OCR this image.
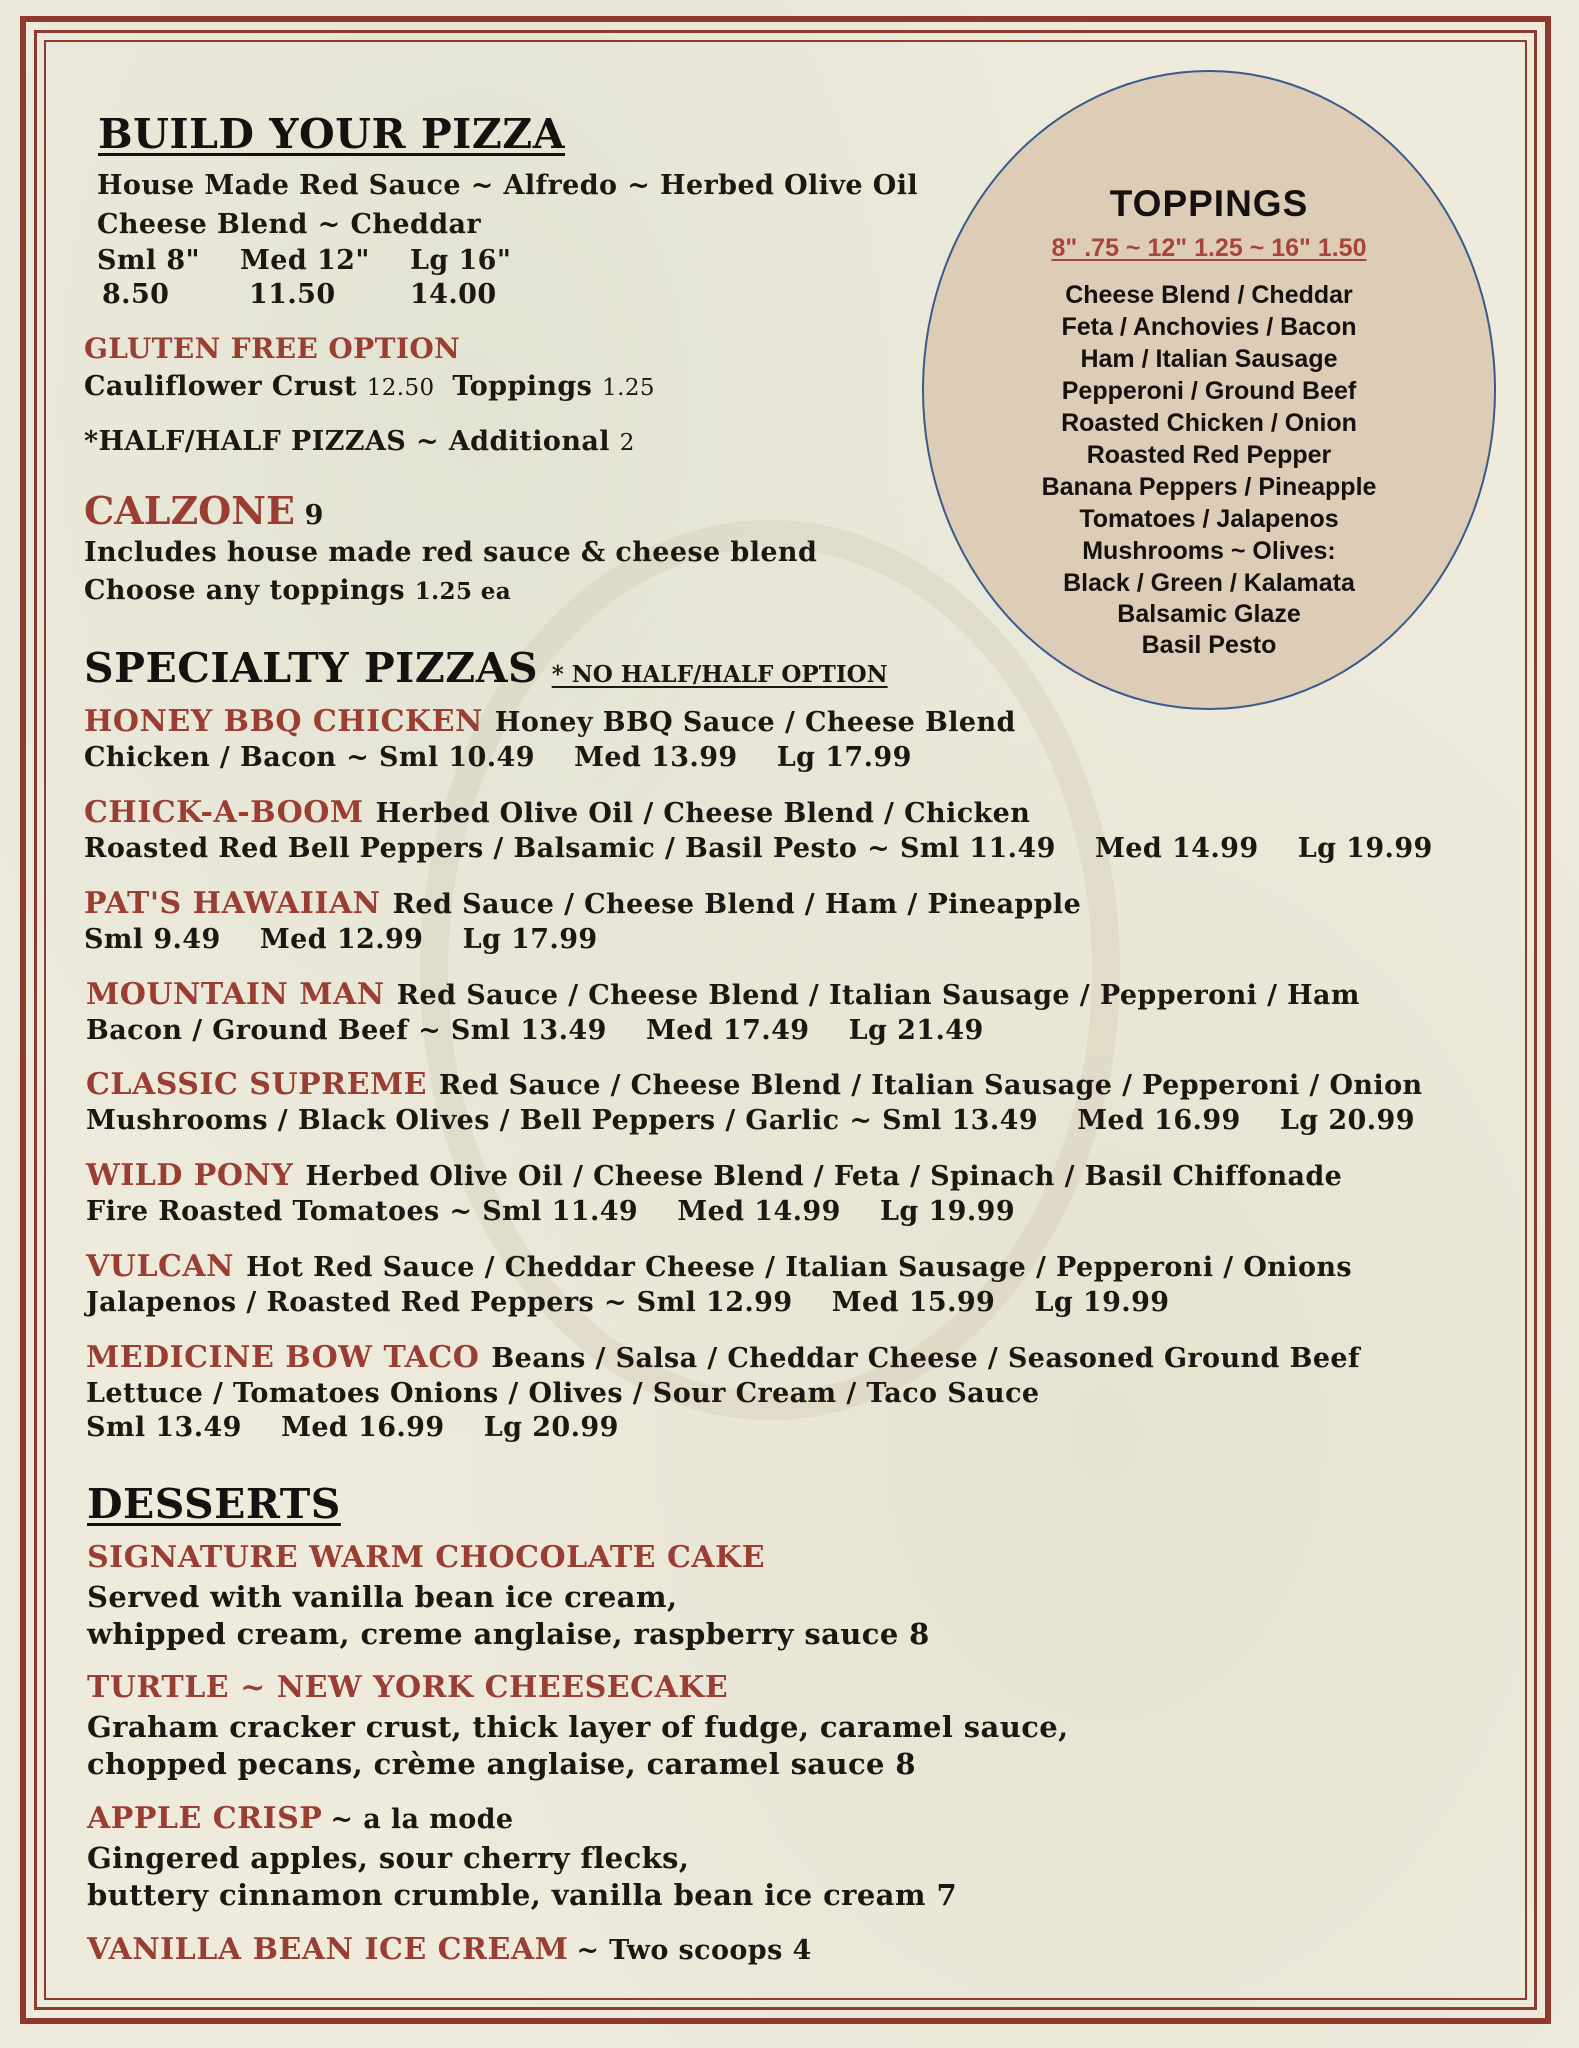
TOPPINGS
8" .75 ~ 12" 1.25 ~ 16" 1.50
Cheese Blend / Cheddar
Feta / Anchovies / Bacon
Ham / Italian Sausage
Pepperoni / Ground Beef
Roasted Chicken / Onion
Roasted Red Pepper
Banana Peppers / Pineapple
Tomatoes / Jalapenos
Mushrooms ~ Olives:
Black / Green / Kalamata
Balsamic Glaze
Basil Pesto
BUILD YOUR PIZZA
House Made Red Sauce ~ Alfredo ~ Herbed Olive Oil
Cheese Blend ~ Cheddar
Sml 8" Med 12" Lg 16"
8.50	11.50	14.00
GLUTEN FREE OPTION
Cauliflower Crust 12.50 Toppings 1.25
*HALF/HALF PIZZAS ~ Additional 2
CALZONE 9
Includes house made red sauce & cheese blend
Choose any toppings 1.25 ea
SPECIALTY PIZZAS * NO HALF/HALF OPTION
HONEY BBQ CHICKEN Honey BBQ Sauce / Cheese Blend
Chicken / Bacon ~ Sml 10.49    Med 13.99    Lg 17.99
CHICK-A-BOOM Herbed Olive Oil / Cheese Blend / Chicken
Roasted Red Bell Peppers / Balsamic / Basil Pesto ~ Sml 11.49    Med 14.99    Lg 19.99
PAT'S HAWAIIAN Red Sauce / Cheese Blend / Ham / Pineapple
Sml 9.49    Med 12.99    Lg 17.99
MOUNTAIN MAN Red Sauce / Cheese Blend / Italian Sausage / Pepperoni / Ham
Bacon / Ground Beef ~ Sml 13.49    Med 17.49    Lg 21.49
CLASSIC SUPREME Red Sauce / Cheese Blend / Italian Sausage / Pepperoni / Onion
Mushrooms / Black Olives / Bell Peppers / Garlic ~ Sml 13.49    Med 16.99    Lg 20.99
WILD PONY Herbed Olive Oil / Cheese Blend / Feta / Spinach / Basil Chiffonade
Fire Roasted Tomatoes ~ Sml 11.49    Med 14.99    Lg 19.99
VULCAN Hot Red Sauce / Cheddar Cheese / Italian Sausage / Pepperoni / Onions
Jalapenos / Roasted Red Peppers ~ Sml 12.99    Med 15.99    Lg 19.99
MEDICINE BOW TACO Beans / Salsa / Cheddar Cheese / Seasoned Ground Beef
Lettuce / Tomatoes Onions / Olives / Sour Cream / Taco Sauce
Sml 13.49    Med 16.99    Lg 20.99
DESSERTS
SIGNATURE WARM CHOCOLATE CAKE
Served with vanilla bean ice cream,
whipped cream, creme anglaise, raspberry sauce 8
TURTLE ~ NEW YORK CHEESECAKE
Graham cracker crust, thick layer of fudge, caramel sauce,
chopped pecans, crème anglaise, caramel sauce 8
APPLE CRISP ~ a la mode
Gingered apples, sour cherry flecks,
buttery cinnamon crumble, vanilla bean ice cream 7
VANILLA BEAN ICE CREAM ~ Two scoops 4
